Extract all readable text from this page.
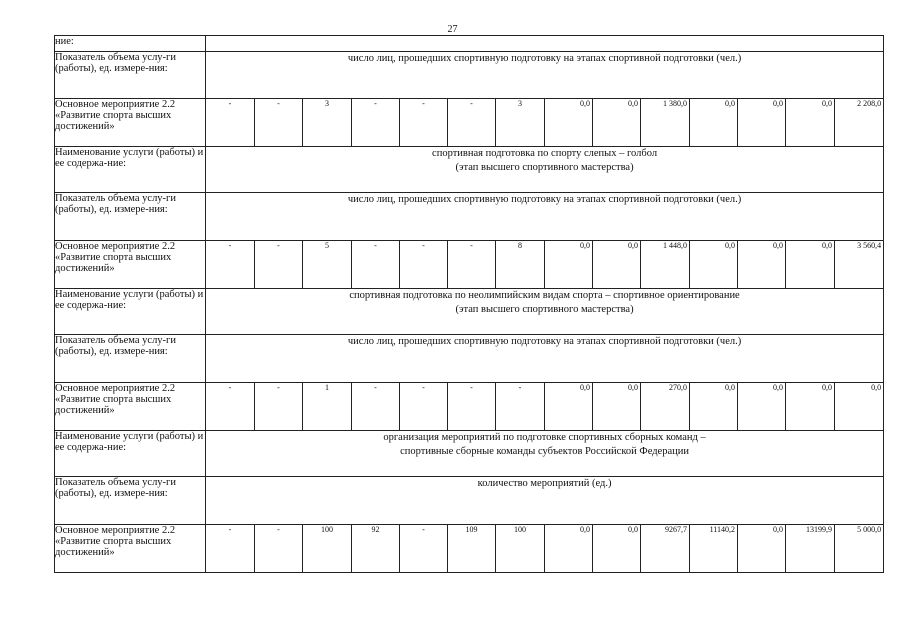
27
ние:														
Показатель объема услу-ги (работы), ед. измере-ния:	число лиц, прошедших спортивную подготовку на этапах спортивной подготовки (чел.)													

Основное мероприятие 2.2 «Развитие спорта высших достижений»	-	-	3	-	-	-	3	0,0	0,0	1 380,0	0,0	0,0	0,0	2 208,0
Наименование услуги (работы) и ее содержа-ние:	спортивная подготовка по спорту слепых – голбол
(этап высшего спортивного мастерства)													

Показатель объема услу-ги (работы), ед. измере-ния:	число лиц, прошедших спортивную подготовку на этапах спортивной подготовки (чел.)													

Основное мероприятие 2.2 «Развитие спорта высших достижений»	-	-	5	-	-	-	8	0,0	0,0	1 448,0	0,0	0,0	0,0	3 560,4
Наименование услуги (работы) и ее содержа-ние:	спортивная подготовка по неолимпийским видам спорта – спортивное ориентирование
(этап высшего спортивного мастерства)													

Показатель объема услу-ги (работы), ед. измере-ния:	число лиц, прошедших спортивную подготовку на этапах спортивной подготовки (чел.)													

Основное мероприятие 2.2 «Развитие спорта высших достижений»	-	-	1	-	-	-	-	0,0	0,0	270,0	0,0	0,0	0,0	0,0
Наименование услуги (работы) и ее содержа-ние:	организация мероприятий по подготовке спортивных сборных команд –
спортивные сборные команды субъектов Российской Федерации													

Показатель объема услу-ги (работы), ед. измере-ния:	количество мероприятий (ед.)													

Основное мероприятие 2.2 «Развитие спорта высших достижений»	-	-	100	92	-	109	100	0,0	0,0	9267,7	11140,2	0,0	13199,9	5 000,0
